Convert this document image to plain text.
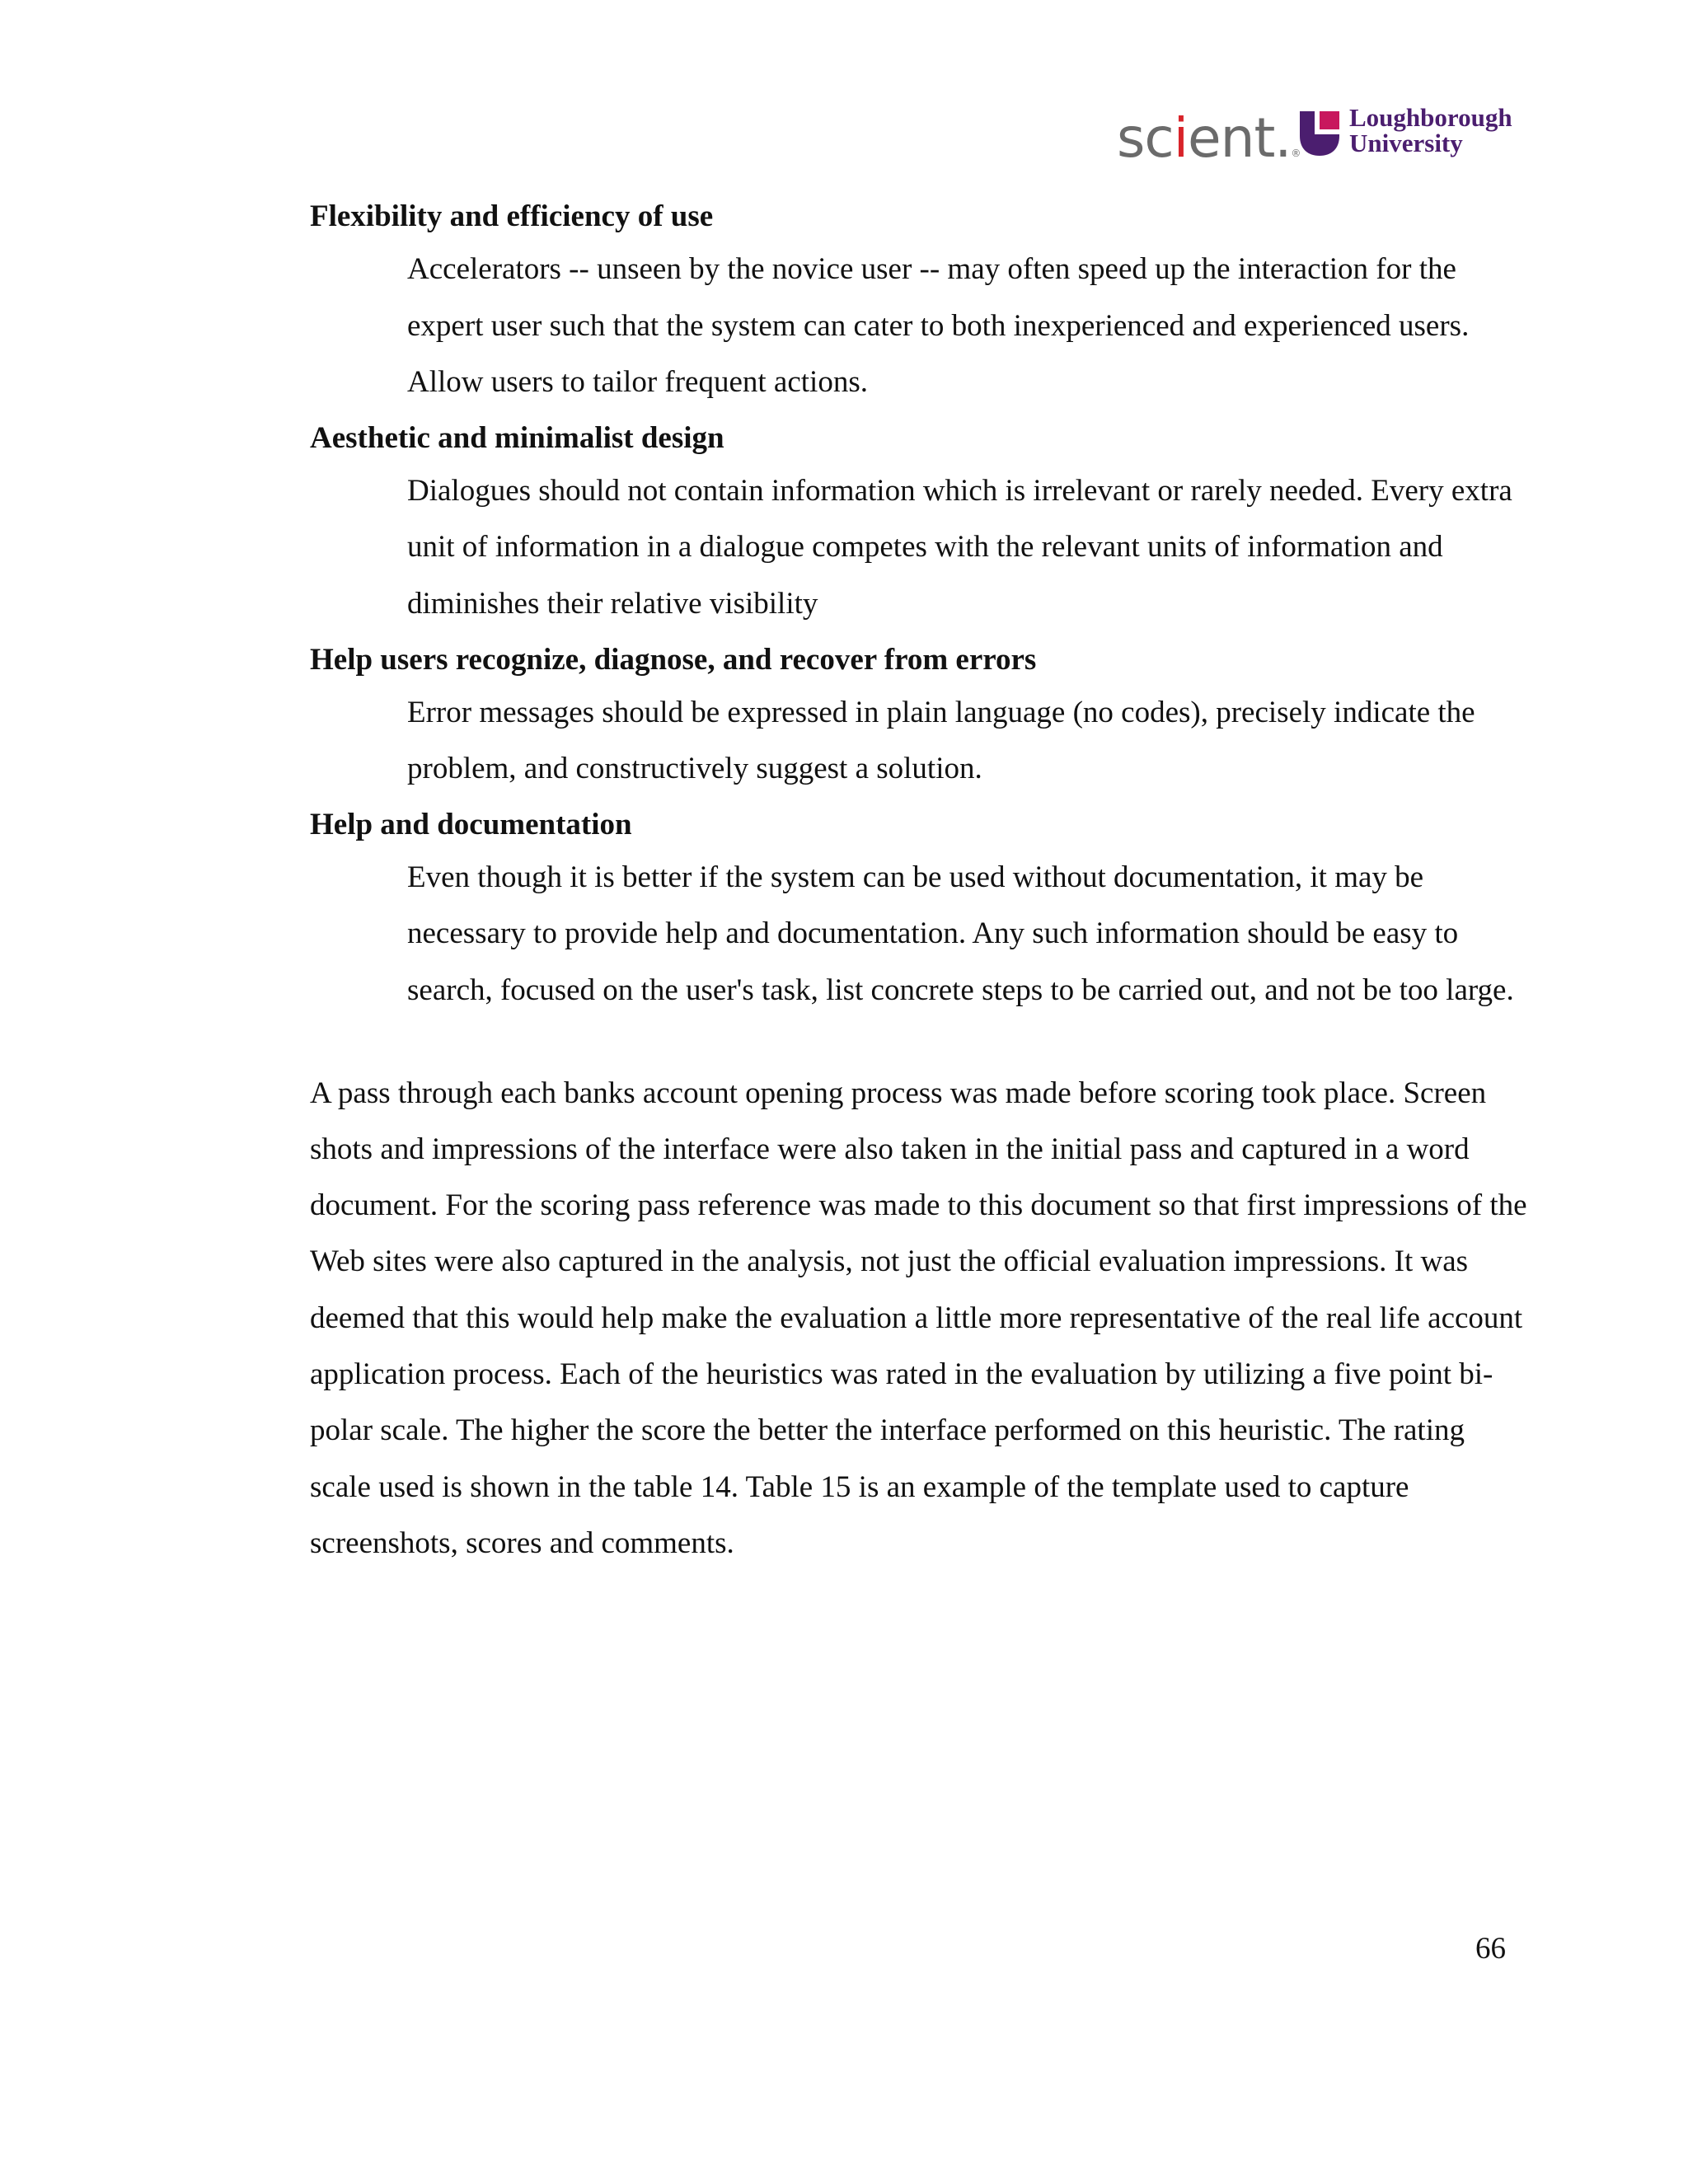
scient.®
Loughborough
University
Flexibility and efficiency of use

Accelerators -- unseen by the novice user -- may often speed up the interaction for the expert user such that the system can cater to both inexperienced and experienced users. Allow users to tailor frequent actions.

Aesthetic and minimalist design

Dialogues should not contain information which is irrelevant or rarely needed. Every extra unit of information in a dialogue competes with the relevant units of information and diminishes their relative visibility

Help users recognize, diagnose, and recover from errors

Error messages should be expressed in plain language (no codes), precisely indicate the problem, and constructively suggest a solution.

Help and documentation

Even though it is better if the system can be used without documentation, it may be necessary to provide help and documentation. Any such information should be easy to search, focused on the user's task, list concrete steps to be carried out, and not be too large.

A pass through each banks account opening process was made before scoring took place. Screen shots and impressions of the interface were also taken in the initial pass and captured in a word document. For the scoring pass reference was made to this document so that first impressions of the Web sites were also captured in the analysis, not just the official evaluation impressions. It was deemed that this would help make the evaluation a little more representative of the real life account application process. Each of the heuristics was rated in the evaluation by utilizing a five point bi-polar scale. The higher the score the better the interface performed on this heuristic. The rating scale used is shown in the table 14. Table 15 is an example of the template used to capture screenshots, scores and comments.

66
